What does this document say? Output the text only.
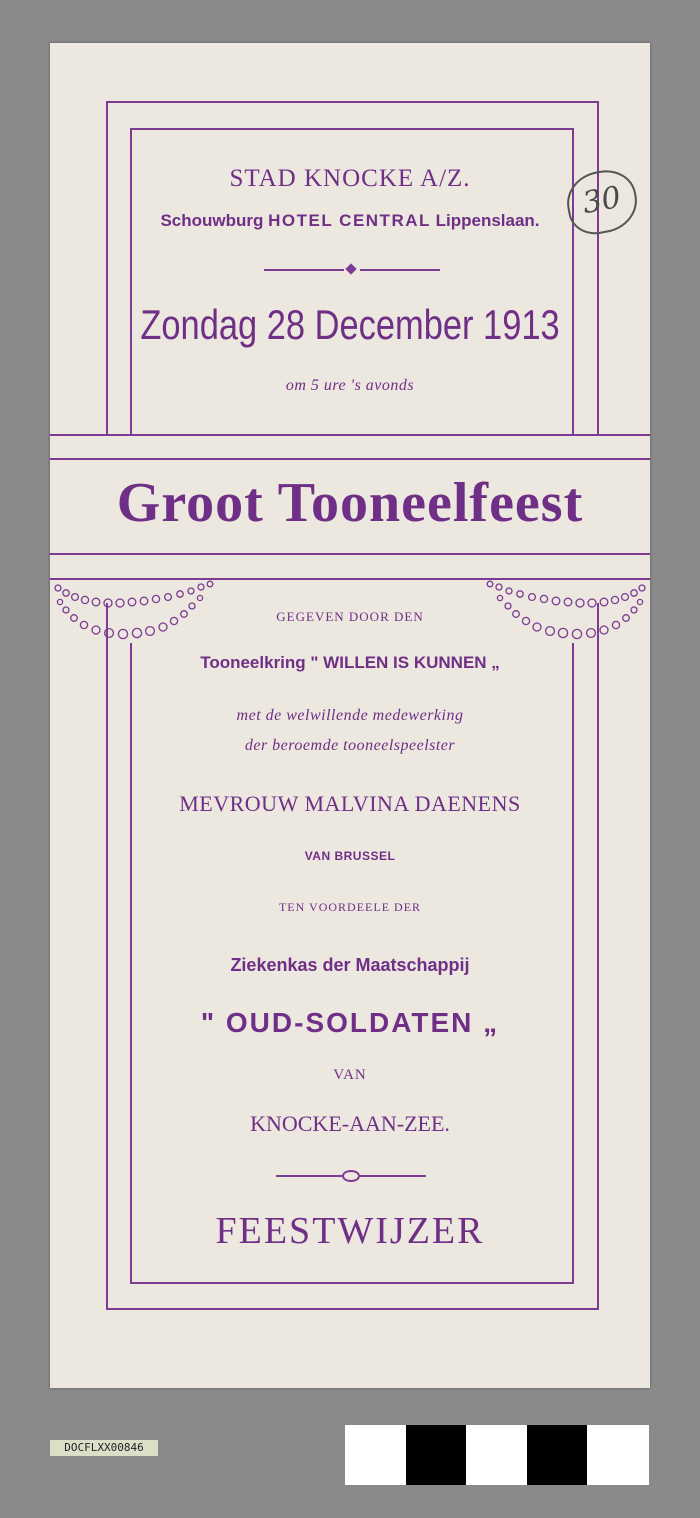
30
STAD KNOCKE A/Z.
Schouwburg HOTEL CENTRAL Lippenslaan.
Zondag 28 December 1913
om 5 ure 's avonds
Groot Tooneelfeest
GEGEVEN DOOR DEN
Tooneelkring " WILLEN IS KUNNEN „
met de welwillende medewerking
der beroemde tooneelspeelster
MEVROUW MALVINA DAENENS
VAN BRUSSEL
TEN VOORDEELE DER
Ziekenkas der Maatschappij
" OUD-SOLDATEN „
VAN
KNOCKE-AAN-ZEE.
FEESTWIJZER
DOCFLXX00846
